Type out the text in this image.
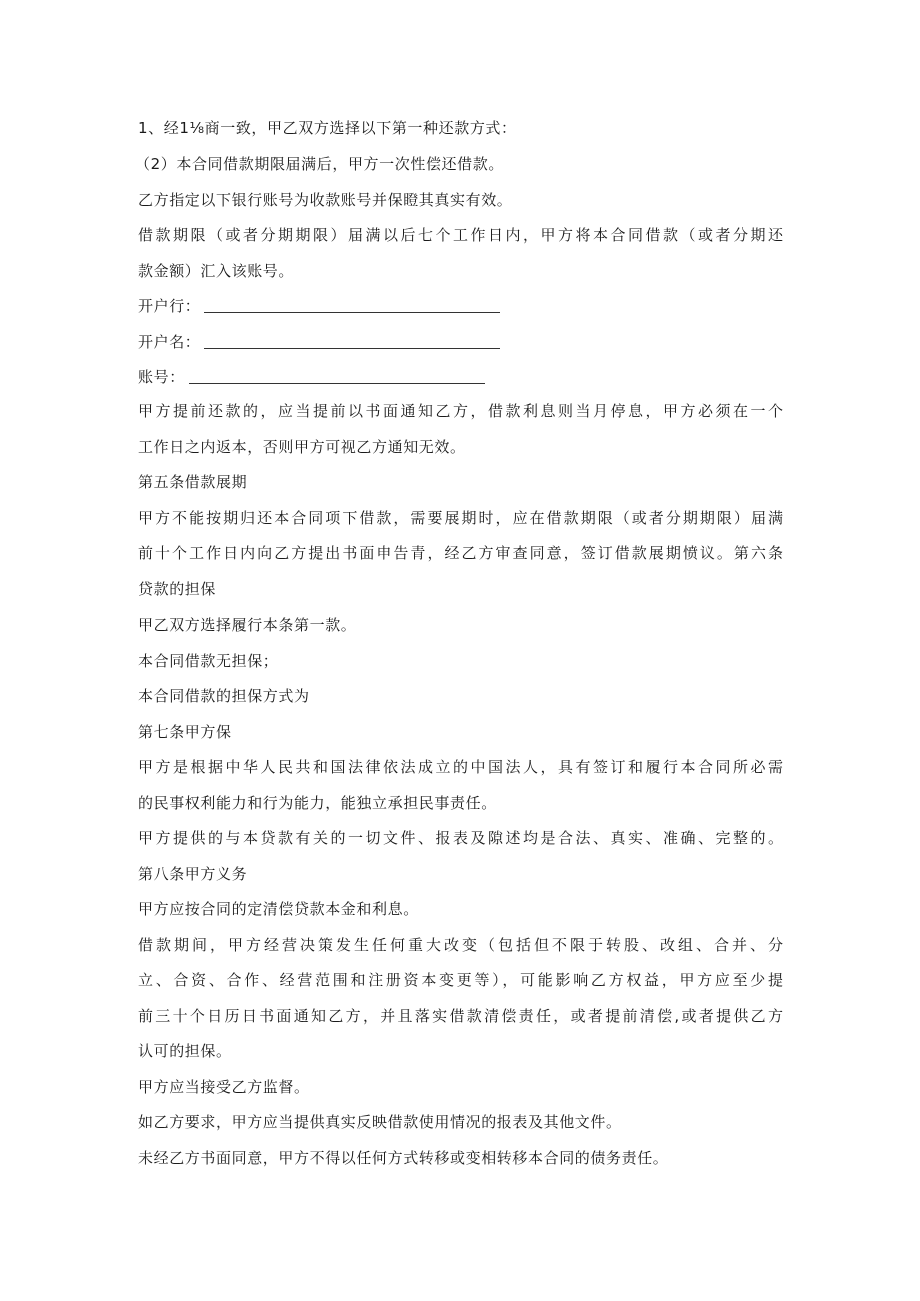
1、经1⅛商一致，甲乙双方选择以下第一种还款方式：
（2）本合同借款期限届满后，甲方一次性偿还借款。
乙方指定以下银行账号为收款账号并保瞪其真实有效。
借款期限（或者分期期限）届满以后七个工作日内，甲方将本合同借款（或者分期还
款金额）汇入该账号。
开户行：
开户名：
账号：
甲方提前还款的，应当提前以书面通知乙方，借款利息则当月停息，甲方必须在一个
工作日之内返本，否则甲方可视乙方通知无效。
第五条借款展期
甲方不能按期归还本合同项下借款，需要展期时，应在借款期限（或者分期期限）届满
前十个工作日内向乙方提出书面申告青，经乙方审查同意，签订借款展期愤议。第六条
贷款的担保
甲乙双方选择履行本条第一款。
本合同借款无担保；
本合同借款的担保方式为
第七条甲方保
甲方是根据中华人民共和国法律依法成立的中国法人，具有签订和履行本合同所必需
的民事权利能力和行为能力，能独立承担民事责任。
甲方提供的与本贷款有关的一切文件、报表及隙述均是合法、真实、准确、完整的。
第八条甲方义务
甲方应按合同的定清偿贷款本金和利息。
借款期间，甲方经营决策发生任何重大改变（包括但不限于转股、改组、合并、分
立、合资、合作、经营范围和注册资本变更等），可能影响乙方权益，甲方应至少提
前三十个日历日书面通知乙方，并且落实借款清偿责任，或者提前清偿,或者提供乙方
认可的担保。
甲方应当接受乙方监督。
如乙方要求，甲方应当提供真实反映借款使用情况的报表及其他文件。
未经乙方书面同意，甲方不得以任何方式转移或变相转移本合同的债务责任。
